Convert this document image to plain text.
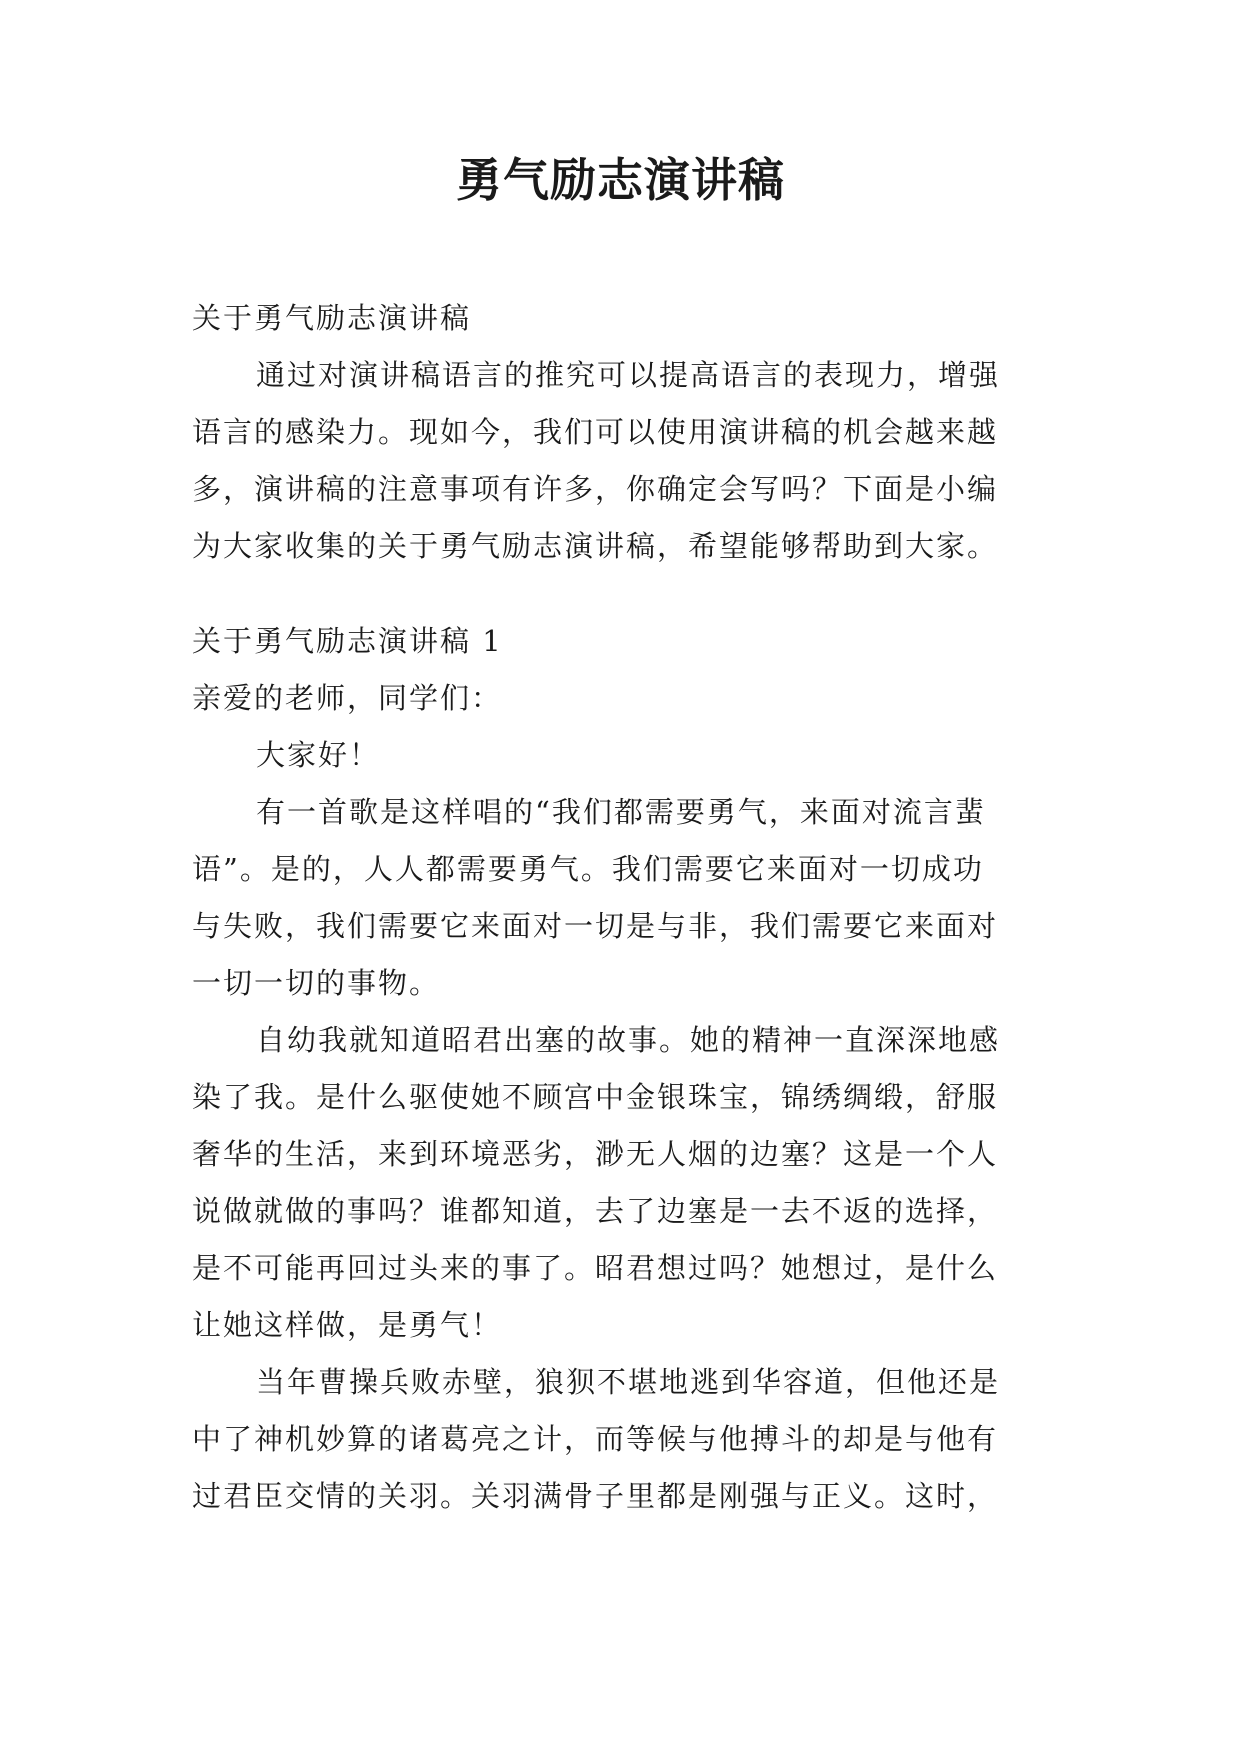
勇气励志演讲稿
关于勇气励志演讲稿
通过对演讲稿语言的推究可以提高语言的表现力，增强
语言的感染力。现如今，我们可以使用演讲稿的机会越来越
多，演讲稿的注意事项有许多，你确定会写吗？下面是小编
为大家收集的关于勇气励志演讲稿，希望能够帮助到大家。
关于勇气励志演讲稿 1
亲爱的老师，同学们：
大家好！
有一首歌是这样唱的“我们都需要勇气，来面对流言蜚
语”。是的，人人都需要勇气。我们需要它来面对一切成功
与失败，我们需要它来面对一切是与非，我们需要它来面对
一切一切的事物。
自幼我就知道昭君出塞的故事。她的精神一直深深地感
染了我。是什么驱使她不顾宫中金银珠宝，锦绣绸缎，舒服
奢华的生活，来到环境恶劣，渺无人烟的边塞？这是一个人
说做就做的事吗？谁都知道，去了边塞是一去不返的选择，
是不可能再回过头来的事了。昭君想过吗？她想过，是什么
让她这样做，是勇气！
当年曹操兵败赤壁，狼狈不堪地逃到华容道，但他还是
中了神机妙算的诸葛亮之计，而等候与他搏斗的却是与他有
过君臣交情的关羽。关羽满骨子里都是刚强与正义。这时，
